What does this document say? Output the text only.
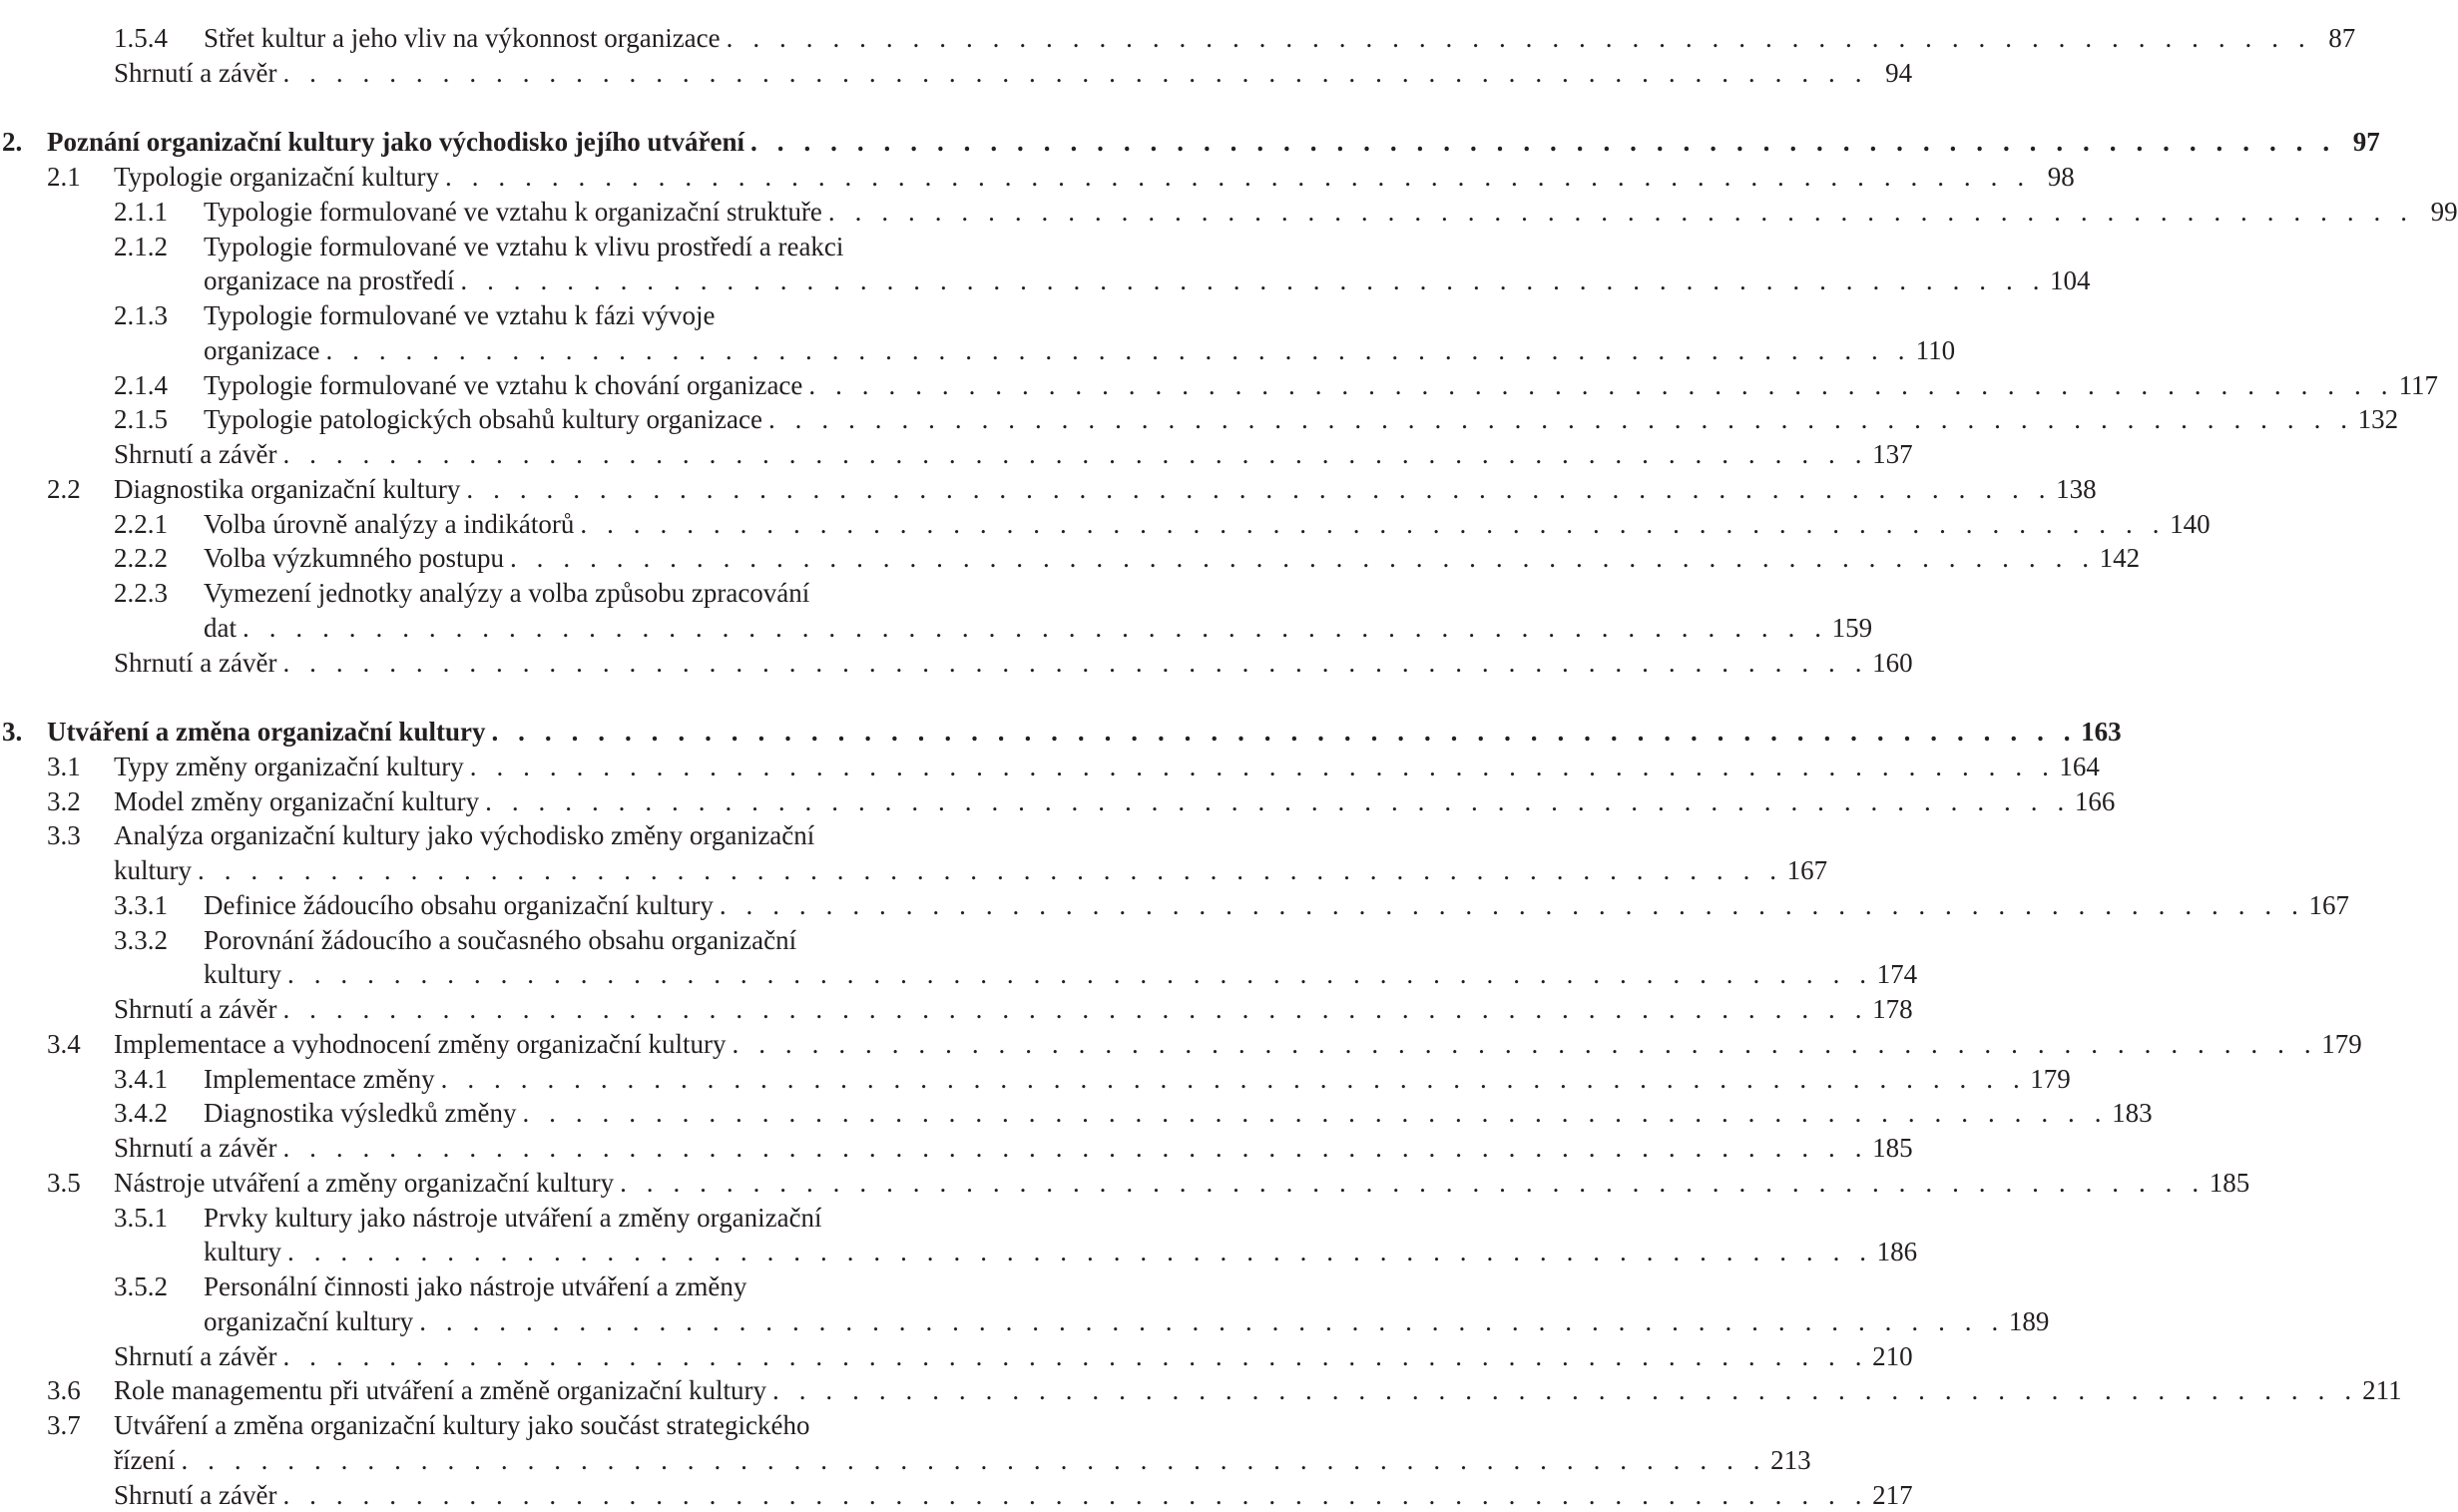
1.5.4	Střet kultur a jeho vliv na výkonnost organizace . . . . . . . . . . . . . . . . . . . . . . . . . . . . . . . . . . . . . . . . . . . . . . . . . . . . . . . . . . . . 87
Shrnutí a závěr . . . . . . . . . . . . . . . . . . . . . . . . . . . . . . . . . . . . . . . . . . . . . . . . . . . . . . . . . . . . 94
2. Poznání organizační kultury jako východisko jejího utváření . . . . . . . . . . . . . . . . . . . . . . . . . . . . . . . . . . . . . . . . . . . . . . . . . . . . . . . . . . . . 97
2.1	Typologie organizační kultury . . . . . . . . . . . . . . . . . . . . . . . . . . . . . . . . . . . . . . . . . . . . . . . . . . . . . . . . . . . . 98
2.1.1	Typologie formulované ve vztahu k organizační struktuře . . . . . . . . . . . . . . . . . . . . . . . . . . . . . . . . . . . . . . . . . . . . . . . . . . . . . . . . . . . . 99
2.1.2	Typologie formulované ve vztahu k vlivu prostředí a reakci
organizace na prostředí . . . . . . . . . . . . . . . . . . . . . . . . . . . . . . . . . . . . . . . . . . . . . . . . . . . . . . . . . . . . 104
2.1.3	Typologie formulované ve vztahu k fázi vývoje
organizace . . . . . . . . . . . . . . . . . . . . . . . . . . . . . . . . . . . . . . . . . . . . . . . . . . . . . . . . . . . . 110
2.1.4	Typologie formulované ve vztahu k chování organizace . . . . . . . . . . . . . . . . . . . . . . . . . . . . . . . . . . . . . . . . . . . . . . . . . . . . . . . . . . . . 117
2.1.5	Typologie patologických obsahů kultury organizace . . . . . . . . . . . . . . . . . . . . . . . . . . . . . . . . . . . . . . . . . . . . . . . . . . . . . . . . . . . . 132
Shrnutí a závěr . . . . . . . . . . . . . . . . . . . . . . . . . . . . . . . . . . . . . . . . . . . . . . . . . . . . . . . . . . . . 137
2.2	Diagnostika organizační kultury . . . . . . . . . . . . . . . . . . . . . . . . . . . . . . . . . . . . . . . . . . . . . . . . . . . . . . . . . . . . 138
2.2.1	Volba úrovně analýzy a indikátorů . . . . . . . . . . . . . . . . . . . . . . . . . . . . . . . . . . . . . . . . . . . . . . . . . . . . . . . . . . . . 140
2.2.2	Volba výzkumného postupu . . . . . . . . . . . . . . . . . . . . . . . . . . . . . . . . . . . . . . . . . . . . . . . . . . . . . . . . . . . . 142
2.2.3	Vymezení jednotky analýzy a volba způsobu zpracování
dat . . . . . . . . . . . . . . . . . . . . . . . . . . . . . . . . . . . . . . . . . . . . . . . . . . . . . . . . . . . . 159
Shrnutí a závěr . . . . . . . . . . . . . . . . . . . . . . . . . . . . . . . . . . . . . . . . . . . . . . . . . . . . . . . . . . . . 160
3. Utváření a změna organizační kultury . . . . . . . . . . . . . . . . . . . . . . . . . . . . . . . . . . . . . . . . . . . . . . . . . . . . . . . . . . . . 163
3.1	Typy změny organizační kultury . . . . . . . . . . . . . . . . . . . . . . . . . . . . . . . . . . . . . . . . . . . . . . . . . . . . . . . . . . . . 164
3.2	Model změny organizační kultury . . . . . . . . . . . . . . . . . . . . . . . . . . . . . . . . . . . . . . . . . . . . . . . . . . . . . . . . . . . . 166
3.3	Analýza organizační kultury jako východisko změny organizační
kultury . . . . . . . . . . . . . . . . . . . . . . . . . . . . . . . . . . . . . . . . . . . . . . . . . . . . . . . . . . . . 167
3.3.1	Definice žádoucího obsahu organizační kultury . . . . . . . . . . . . . . . . . . . . . . . . . . . . . . . . . . . . . . . . . . . . . . . . . . . . . . . . . . . . 167
3.3.2	Porovnání žádoucího a současného obsahu organizační
kultury . . . . . . . . . . . . . . . . . . . . . . . . . . . . . . . . . . . . . . . . . . . . . . . . . . . . . . . . . . . . 174
Shrnutí a závěr . . . . . . . . . . . . . . . . . . . . . . . . . . . . . . . . . . . . . . . . . . . . . . . . . . . . . . . . . . . . 178
3.4	Implementace a vyhodnocení změny organizační kultury . . . . . . . . . . . . . . . . . . . . . . . . . . . . . . . . . . . . . . . . . . . . . . . . . . . . . . . . . . . . 179
3.4.1	Implementace změny . . . . . . . . . . . . . . . . . . . . . . . . . . . . . . . . . . . . . . . . . . . . . . . . . . . . . . . . . . . . 179
3.4.2	Diagnostika výsledků změny . . . . . . . . . . . . . . . . . . . . . . . . . . . . . . . . . . . . . . . . . . . . . . . . . . . . . . . . . . . . 183
Shrnutí a závěr . . . . . . . . . . . . . . . . . . . . . . . . . . . . . . . . . . . . . . . . . . . . . . . . . . . . . . . . . . . . 185
3.5	Nástroje utváření a změny organizační kultury . . . . . . . . . . . . . . . . . . . . . . . . . . . . . . . . . . . . . . . . . . . . . . . . . . . . . . . . . . . . 185
3.5.1	Prvky kultury jako nástroje utváření a změny organizační
kultury . . . . . . . . . . . . . . . . . . . . . . . . . . . . . . . . . . . . . . . . . . . . . . . . . . . . . . . . . . . . 186
3.5.2	Personální činnosti jako nástroje utváření a změny
organizační kultury . . . . . . . . . . . . . . . . . . . . . . . . . . . . . . . . . . . . . . . . . . . . . . . . . . . . . . . . . . . . 189
Shrnutí a závěr . . . . . . . . . . . . . . . . . . . . . . . . . . . . . . . . . . . . . . . . . . . . . . . . . . . . . . . . . . . . 210
3.6	Role managementu při utváření a změně organizační kultury . . . . . . . . . . . . . . . . . . . . . . . . . . . . . . . . . . . . . . . . . . . . . . . . . . . . . . . . . . . . 211
3.7	Utváření a změna organizační kultury jako součást strategického
řízení . . . . . . . . . . . . . . . . . . . . . . . . . . . . . . . . . . . . . . . . . . . . . . . . . . . . . . . . . . . . 213
Shrnutí a závěr . . . . . . . . . . . . . . . . . . . . . . . . . . . . . . . . . . . . . . . . . . . . . . . . . . . . . . . . . . . . 217
